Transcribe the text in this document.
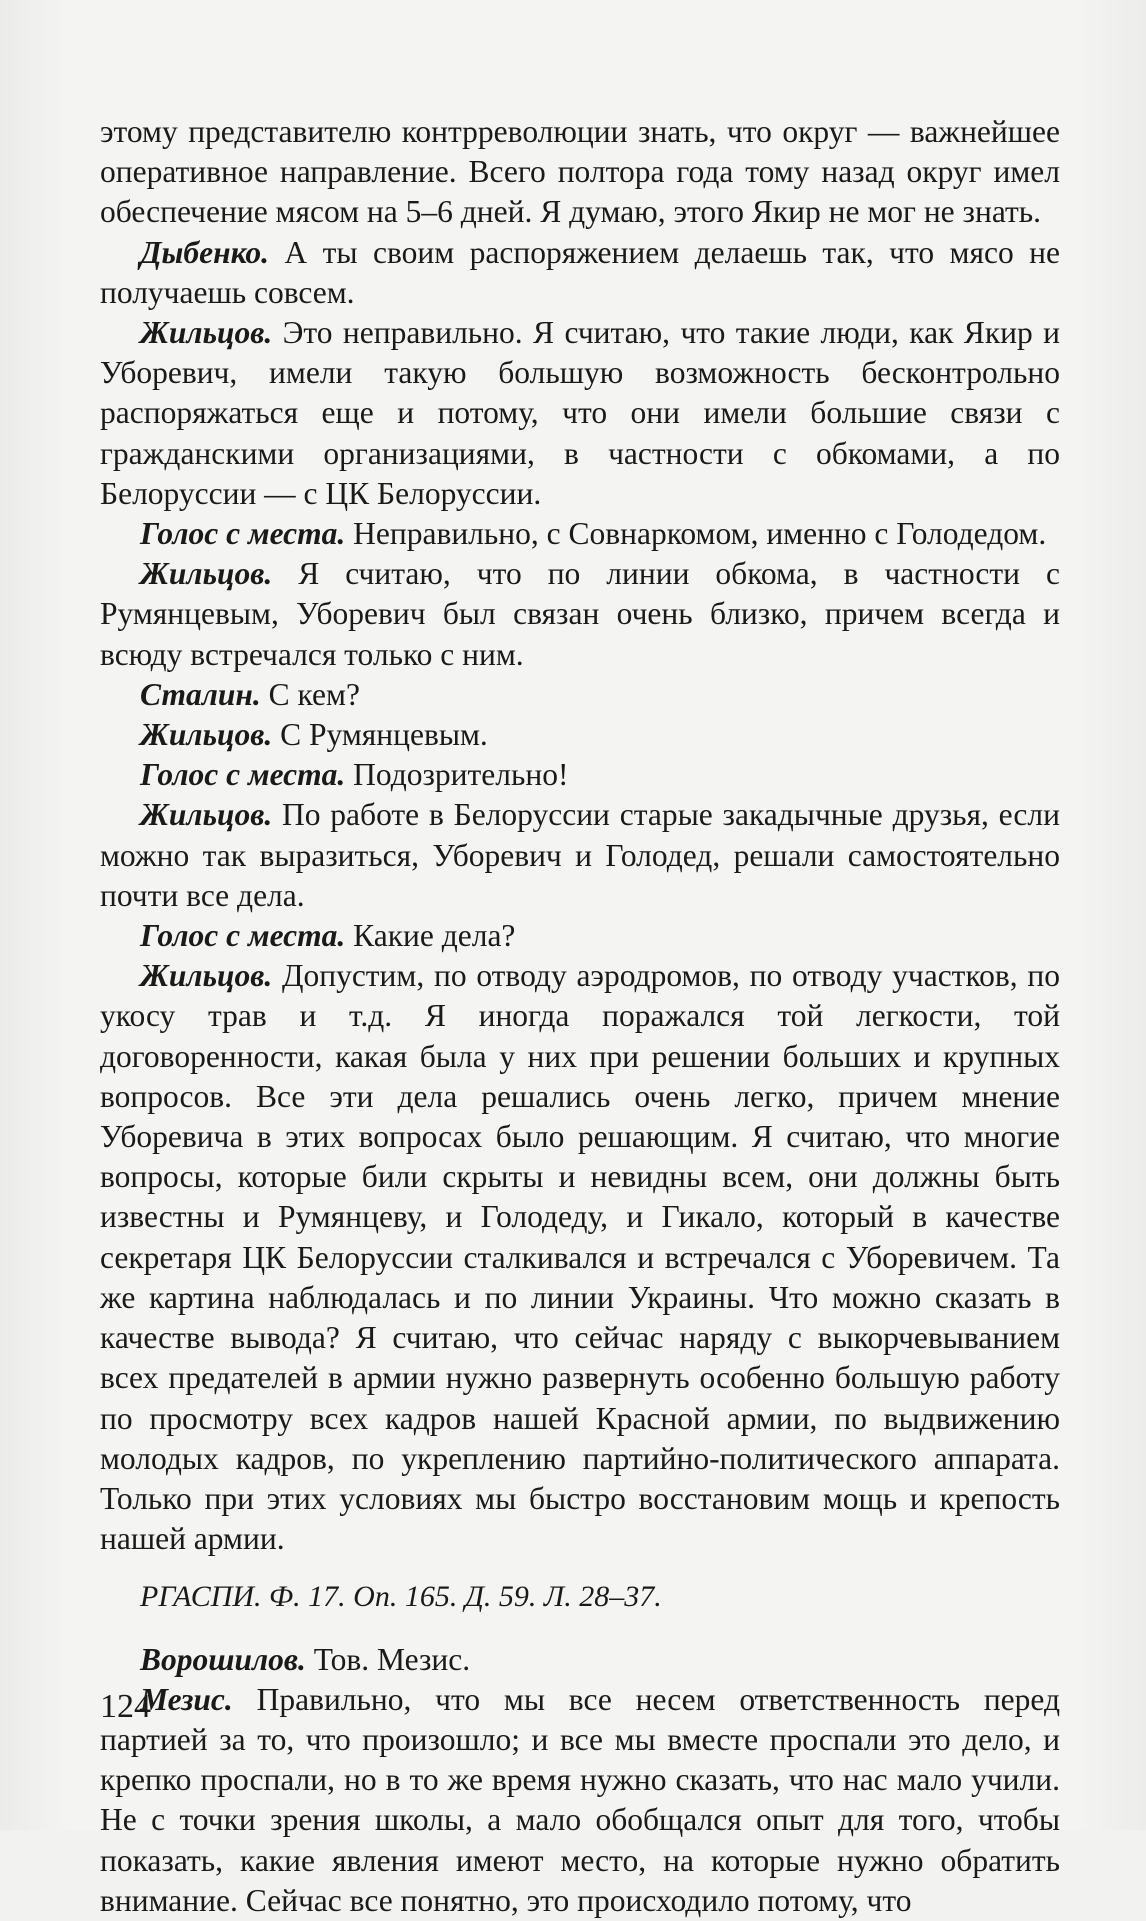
этому представителю контрреволюции знать, что округ — важнейшее оперативное направление. Всего полтора года тому назад округ имел обеспечение мясом на 5–6 дней. Я думаю, этого Якир не мог не знать.

Дыбенко. А ты своим распоряжением делаешь так, что мясо не получаешь совсем.

Жильцов. Это неправильно. Я считаю, что такие люди, как Якир и Уборевич, имели такую большую возможность бесконтрольно распоряжаться еще и потому, что они имели большие связи с гражданскими организациями, в частности с обкомами, а по Белоруссии — с ЦК Белоруссии.

Голос с места. Неправильно, с Совнаркомом, именно с Голодедом.

Жильцов. Я считаю, что по линии обкома, в частности с Румянцевым, Уборевич был связан очень близко, причем всегда и всюду встречался только с ним.

Сталин. С кем?

Жильцов. С Румянцевым.

Голос с места. Подозрительно!

Жильцов. По работе в Белоруссии старые закадычные друзья, если можно так выразиться, Уборевич и Голодед, решали самостоятельно почти все дела.

Голос с места. Какие дела?

Жильцов. Допустим, по отводу аэродромов, по отводу участков, по укосу трав и т.д. Я иногда поражался той легкости, той договоренности, какая была у них при решении больших и крупных вопросов. Все эти дела решались очень легко, причем мнение Уборевича в этих вопросах было решающим. Я считаю, что многие вопросы, которые били скрыты и невидны всем, они должны быть известны и Румянцеву, и Голодеду, и Гикало, который в качестве секретаря ЦК Белоруссии сталкивался и встречался с Уборевичем. Та же картина наблюдалась и по линии Украины. Что можно сказать в качестве вывода? Я считаю, что сейчас наряду с выкорчевыванием всех предателей в армии нужно развернуть особенно большую работу по просмотру всех кадров нашей Красной армии, по выдвижению молодых кадров, по укреплению партийно-политического аппарата. Только при этих условиях мы быстро восстановим мощь и крепость нашей армии.

РГАСПИ. Ф. 17. Оп. 165. Д. 59. Л. 28–37.

Ворошилов. Тов. Мезис.

Мезис. Правильно, что мы все несем ответственность перед партией за то, что произошло; и все мы вместе проспали это дело, и крепко проспали, но в то же время нужно сказать, что нас мало учили. Не с точки зрения школы, а мало обобщался опыт для того, чтобы показать, какие явления имеют место, на которые нужно обратить внимание. Сейчас все понятно, это происходило потому, что

124
